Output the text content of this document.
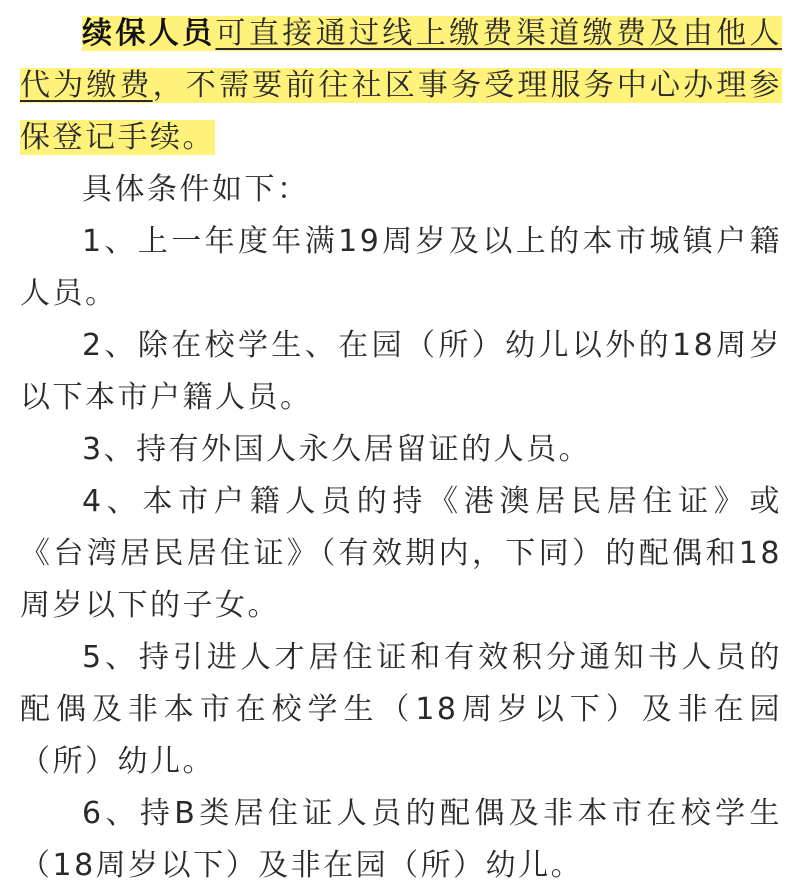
续保人员可直接通过线上缴费渠道缴费及由他人代为缴费，不需要前往社区事务受理服务中心办理参保登记手续。

具体条件如下：

1、上一年度年满19周岁及以上的本市城镇户籍人员。

2、除在校学生、在园（所）幼儿以外的18周岁以下本市户籍人员。

3、持有外国人永久居留证的人员。

4、本市户籍人员的持《港澳居民居住证》或《台湾居民居住证》（有效期内，下同）的配偶和18周岁以下的子女。

5、持引进人才居住证和有效积分通知书人员的配偶及非本市在校学生（18周岁以下）及非在园（所）幼儿。

6、持B类居住证人员的配偶及非本市在校学生（18周岁以下）及非在园（所）幼儿。
